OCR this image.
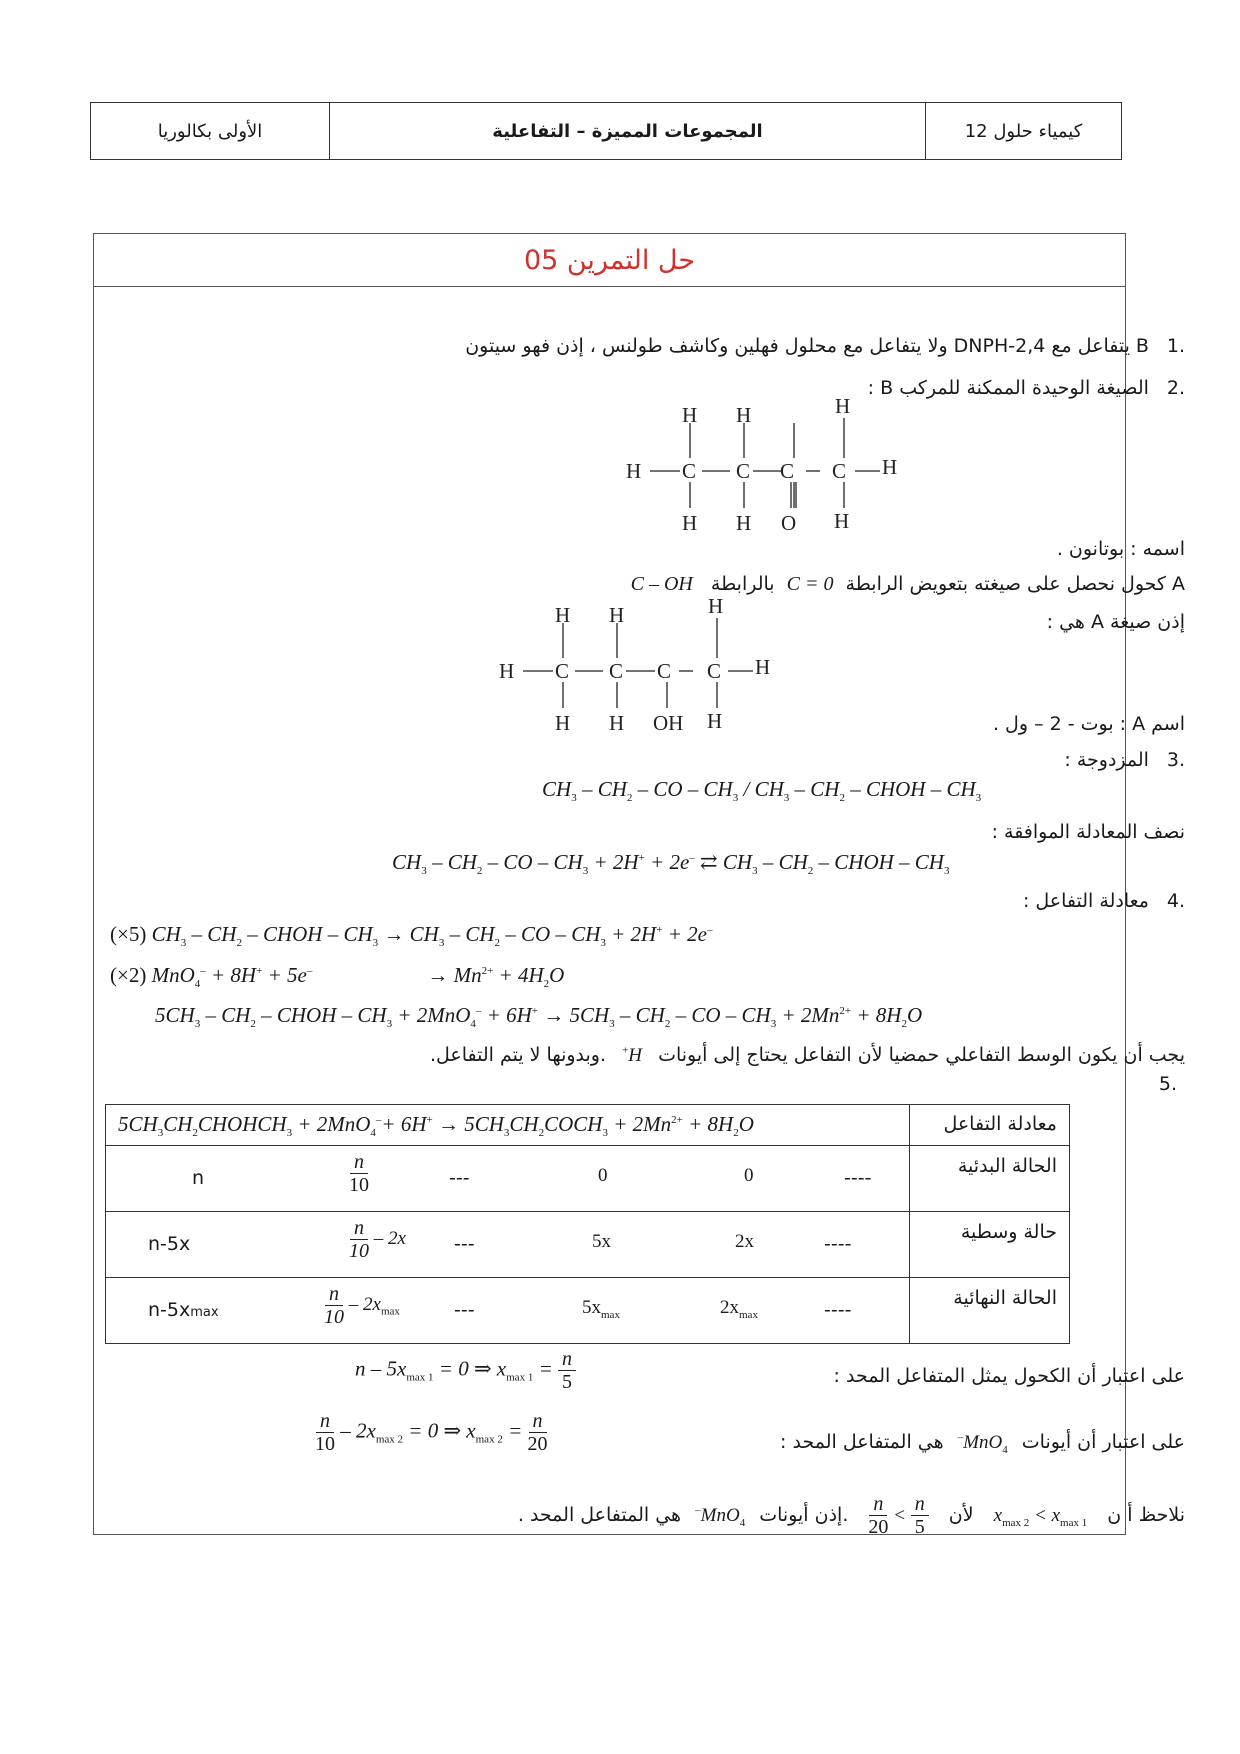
كيمياء حلول 12
المجموعات المميزة – التفاعلية
الأولى بكالوريا
حل التمرين 05
.1 B يتفاعل مع 2,4-DNPH ولا يتفاعل مع محلول فهلين وكاشف طولنس ، إذن فهو سيتون
.2 الصيغة الوحيدة الممكنة للمركب B :
H H	H
H C C C C H
H H O H
اسمه : بوتانون .
A كحول نحصل على صيغته بتعويض الرابطة C = 0 بالرابطة C – OH
إذن صيغة A هي :
H H	H
H C C C C H
H H OH H	اسم A : بوت - 2 – ول .
.3 المزدوجة :
$CH_3 - CH_2$ – CO – $CH_3 / CH_3 - CH_2$ – CHOH – $CH_3$
نصف المعادلة الموافقة :
$CH_3 - CH_2$ – CO – $CH_3 + 2H^+ + 2e^-$ ⇄ $CH_3 - CH_2$ – CHOH – $CH_3$
.4 معادلة التفاعل :
(×5) $CH_3 - CH_2$ – CHOH – $CH_3 \to CH_3 - CH_2$ – CO – $CH_3 + 2H^+ + 2e^-$
(×2) MnO$_4$– + 8H+ + 5e–	→ $Mn^{2+} + 4H_2O$
$5CH_3 - CH_2$ – CHOH – $CH_3 + 2MnO_4^- + 6H^+ \to 5CH_3 - CH_2$ – CO – $CH_3 + 2Mn^{2+} + 8H_2O$
يجب أن يكون الوسط التفاعلي حمضيا لأن التفاعل يحتاج إلى أيونات H+ .وبدونها لا يتم التفاعل.
.5
معادلة التفاعل
$5CH_3CH_2CHOHCH_3 + 2MnO_4^-+ 6H^+$ → $5CH_3CH_2COCH_3 + 2Mn^{2+} + 8H_2O$
الحالة البدئية
n	$\frac{n}{10}$	---	0	0	----
حالة وسطية
n-5x	$\frac{n}{10} - 2x$	---	5x	2x	----
الحالة النهائية
n-5xmax	$\frac{n}{10} - 2x_{max}$	---	$5x_{max}$	$2x_{max}$	----
على اعتبار أن الكحول يمثل المتفاعل المحد :
$n - 5x_{max 1} = 0$ ⇒ $x_{max 1} = \frac{n}{5}$
على اعتبار أن أيونات MnO$_4$– هي المتفاعل المحد :
$\frac{n}{10} - 2x_{max 2} = 0$ ⇒ $x_{max 2} = \frac{n}{20}$
نلاحظ أ ن $x_{max 2} < x_{max 1}$ لأن
$\frac{n}{20} < \frac{n}{5}$
.إذن أيونات MnO$_4$– هي المتفاعل المحد .
